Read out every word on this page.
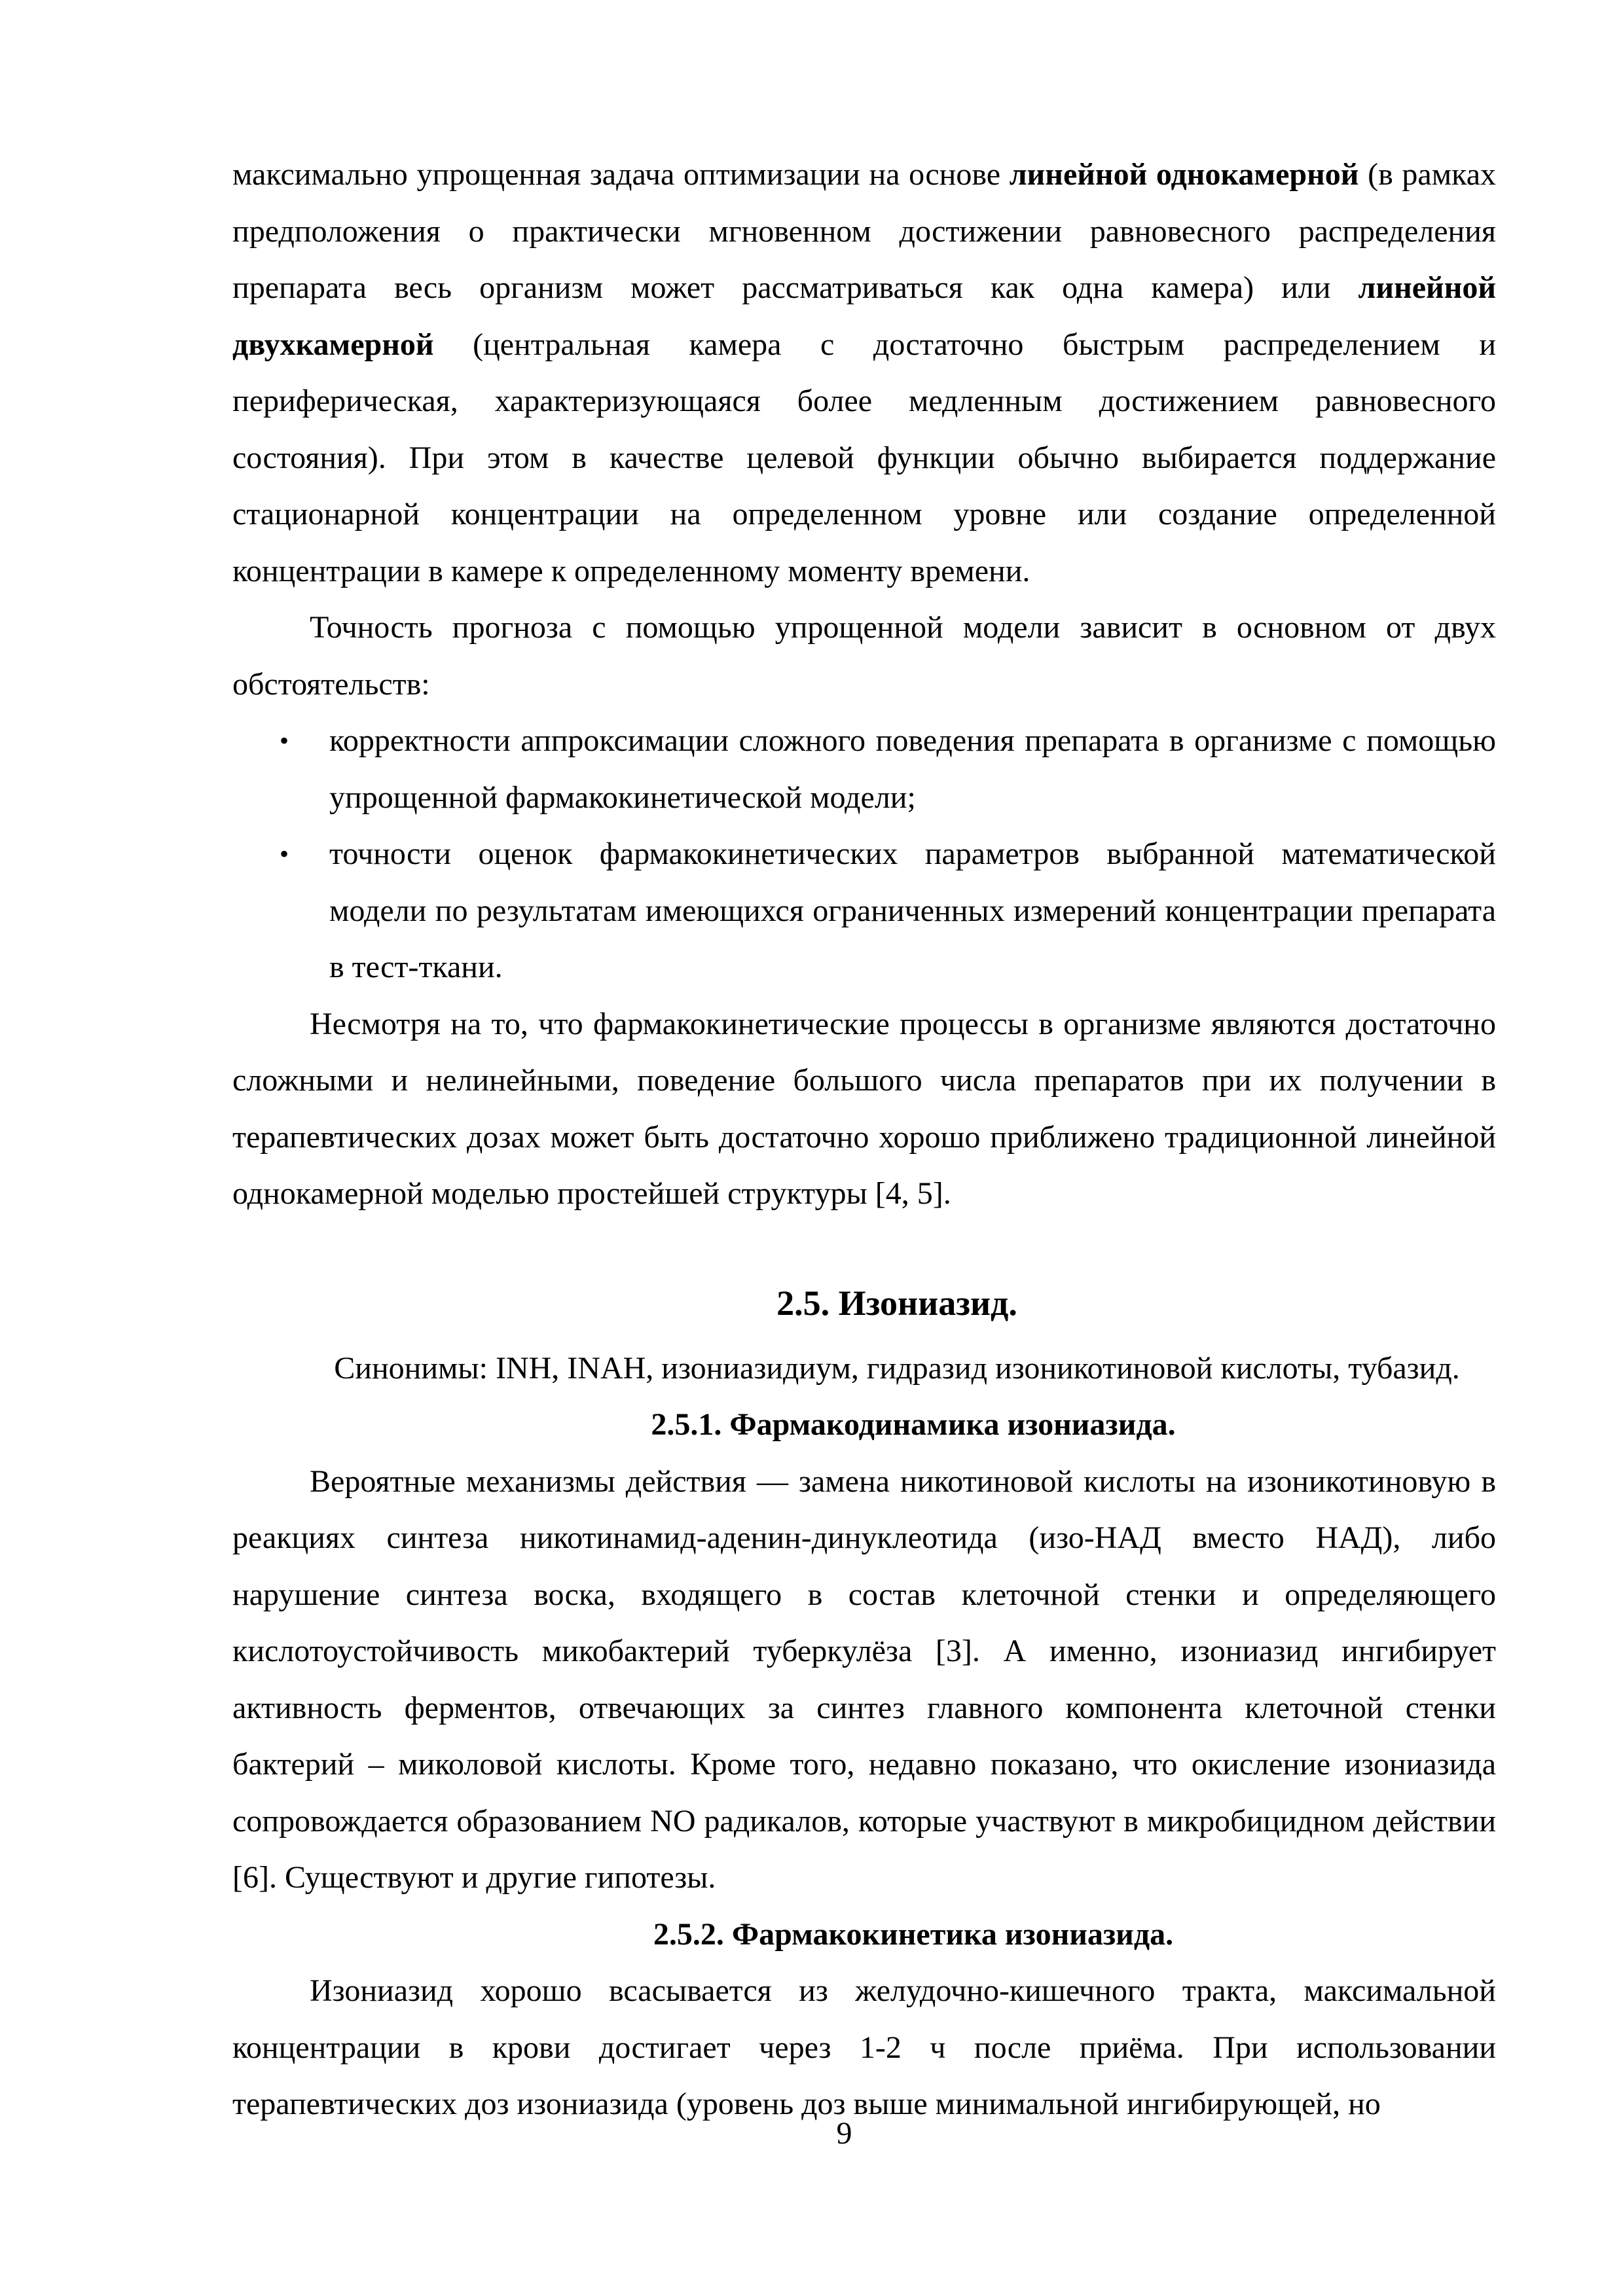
максимально упрощенная задача оптимизации на основе линейной однокамерной (в рамках предположения о практически мгновенном достижении равновесного распределения препарата весь организм может рассматриваться как одна камера) или линейной двухкамерной (центральная камера с достаточно быстрым распределением и периферическая, характеризующаяся более медленным достижением равновесного состояния). При этом в качестве целевой функции обычно выбирается поддержание стационарной концентрации на определенном уровне или создание определенной концентрации в камере к определенному моменту времени.

Точность прогноза с помощью упрощенной модели зависит в основном от двух обстоятельств:

• корректности аппроксимации сложного поведения препарата в организме с помощью упрощенной фармакокинетической модели;
• точности оценок фармакокинетических параметров выбранной математической модели по результатам имеющихся ограниченных измерений концентрации препарата в тест-ткани.

Несмотря на то, что фармакокинетические процессы в организме являются достаточно сложными и нелинейными, поведение большого числа препаратов при их получении в терапевтических дозах может быть достаточно хорошо приближено традиционной линейной однокамерной моделью простейшей структуры [4, 5].

2.5. Изониазид.

Синонимы: INH, INAH, изониазидиум, гидразид изоникотиновой кислоты, тубазид.

2.5.1. Фармакодинамика изониазида.

Вероятные механизмы действия — замена никотиновой кислоты на изоникотиновую в реакциях синтеза никотинамид-аденин-динуклеотида (изо-НАД вместо НАД), либо нарушение синтеза воска, входящего в состав клеточной стенки и определяющего кислотоустойчивость микобактерий туберкулёза [3]. А именно, изониазид ингибирует активность ферментов, отвечающих за синтез главного компонента клеточной стенки бактерий – миколовой кислоты. Кроме того, недавно показано, что окисление изониазида сопровождается образованием NO радикалов, которые участвуют в микробицидном действии [6]. Существуют и другие гипотезы.

2.5.2. Фармакокинетика изониазида.

Изониазид хорошо всасывается из желудочно-кишечного тракта, максимальной концентрации в крови достигает через 1-2 ч после приёма. При использовании терапевтических доз изониазида (уровень доз выше минимальной ингибирующей, но

9
